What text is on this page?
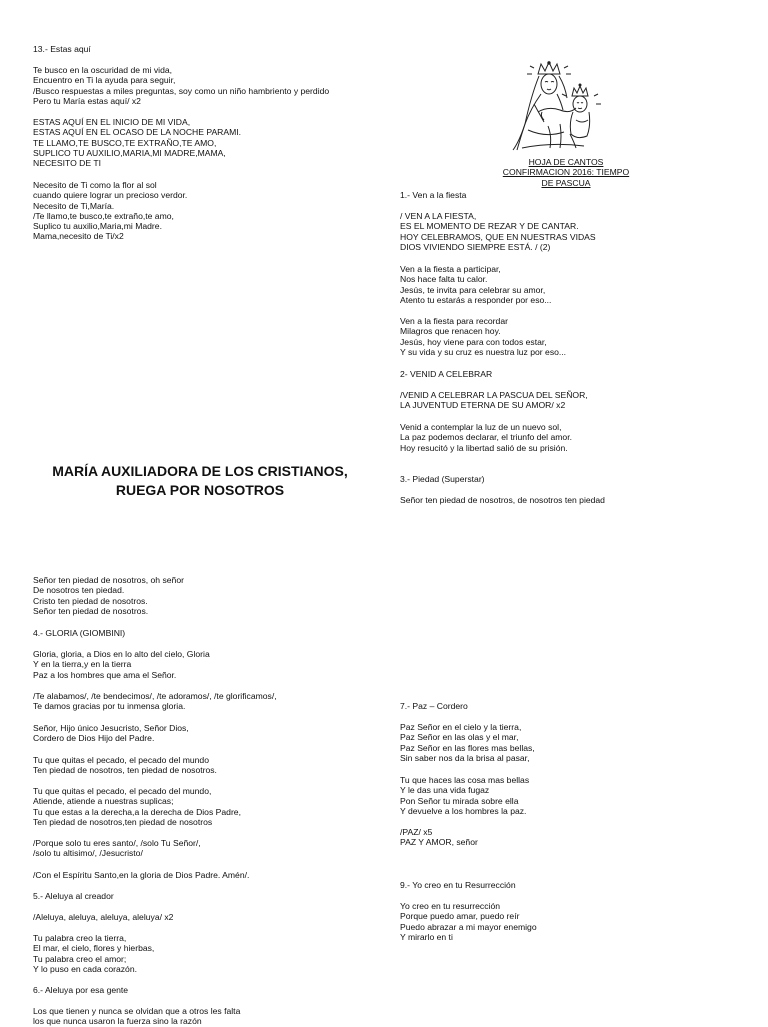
13.- Estas aquí
Te busco en la oscuridad de mi vida,
Encuentro en Ti la ayuda para seguir,
/Busco respuestas a miles preguntas, soy como un niño hambriento y perdido
Pero tu María estas aquí/ x2
ESTAS AQUÍ EN EL INICIO DE MI VIDA,
ESTAS AQUÍ EN EL OCASO DE LA NOCHE PARAMI.
TE LLAMO,TE BUSCO,TE EXTRAÑO,TE AMO,
SUPLICO TU AUXILIO,MARIA,MI MADRE,MAMA,
NECESITO DE TI
Necesito de Ti como la flor al sol
cuando quiere lograr un precioso verdor.
Necesito de Ti,María.
/Te llamo,te busco,te extraño,te amo,
Suplico tu auxilio,Maria,mi Madre.
Mama,necesito de Ti/x2
MARÍA AUXILIADORA DE LOS CRISTIANOS,
RUEGA POR NOSOTROS
Señor ten piedad de nosotros, oh señor
De nosotros ten piedad.
Cristo ten piedad de nosotros.
Señor ten piedad de nosotros.
4.- GLORIA (GIOMBINI)
Gloria, gloria, a Dios en lo alto del cielo, Gloria
Y en la tierra,y en la tierra
Paz a los hombres que ama el Señor.
/Te alabamos/, /te bendecimos/, /te adoramos/, /te glorificamos/,
Te damos gracias por tu inmensa gloria.
Señor, Hijo único Jesucristo, Señor Dios,
Cordero de Dios Hijo del Padre.
Tu que quitas el pecado, el pecado del mundo
Ten piedad de nosotros, ten piedad de nosotros.
Tu que quitas el pecado, el pecado del mundo,
Atiende, atiende a nuestras suplicas;
Tu que estas a la derecha,a la derecha de Dios Padre,
Ten piedad de nosotros,ten piedad de nosotros
/Porque solo tu eres santo/, /solo Tu Señor/,
/solo tu altisimo/, /Jesucristo/
/Con el Espíritu Santo,en la gloria de Dios Padre. Amén/.
5.- Aleluya al creador
/Aleluya, aleluya, aleluya, aleluya/ x2
Tu palabra creo la tierra,
El mar, el cielo, flores y hierbas,
Tu palabra creo el amor;
Y lo puso en cada corazón.
6.- Aleluya por esa gente
Los que tienen y nunca se olvidan que a otros les falta
los que nunca usaron la fuerza sino la razón
HOJA DE CANTOS
CONFIRMACION 2016: TIEMPO DE PASCUA
1.- Ven a la fiesta
/ VEN A LA FIESTA,
ES EL MOMENTO DE REZAR Y DE CANTAR.
HOY CELEBRAMOS, QUE EN NUESTRAS VIDAS
DIOS VIVIENDO SIEMPRE ESTÁ. / (2)
Ven a la fiesta a participar,
Nos hace falta tu calor.
Jesús, te invita para celebrar su amor,
Atento tu estarás a responder por eso...
Ven a la fiesta para recordar
Milagros que renacen hoy.
Jesús, hoy viene para con todos estar,
Y su vida y su cruz es nuestra luz por eso...
2- VENID A CELEBRAR
/VENID A CELEBRAR LA PASCUA DEL SEÑOR,
LA JUVENTUD ETERNA DE SU AMOR/ x2
Venid a contemplar la luz de un nuevo sol,
La paz podemos declarar, el triunfo del amor.
Hoy resucitó y la libertad salió de su prisión.
3.- Piedad (Superstar)
Señor ten piedad de nosotros, de nosotros ten piedad
7.- Paz – Cordero
Paz Señor en el cielo y la tierra,
Paz Señor en las olas y el mar,
Paz Señor en las flores mas bellas,
Sin saber nos da la brisa al pasar,
Tu que haces las cosa mas bellas
Y le das una vida fugaz
Pon Señor tu mirada sobre ella
Y devuelve a los hombres la paz.
/PAZ/ x5
PAZ Y AMOR, señor
9.- Yo creo en tu Resurrección
Yo creo en tu resurrección
Porque puedo amar, puedo reír
Puedo abrazar a mi mayor enemigo
Y mirarlo en ti
